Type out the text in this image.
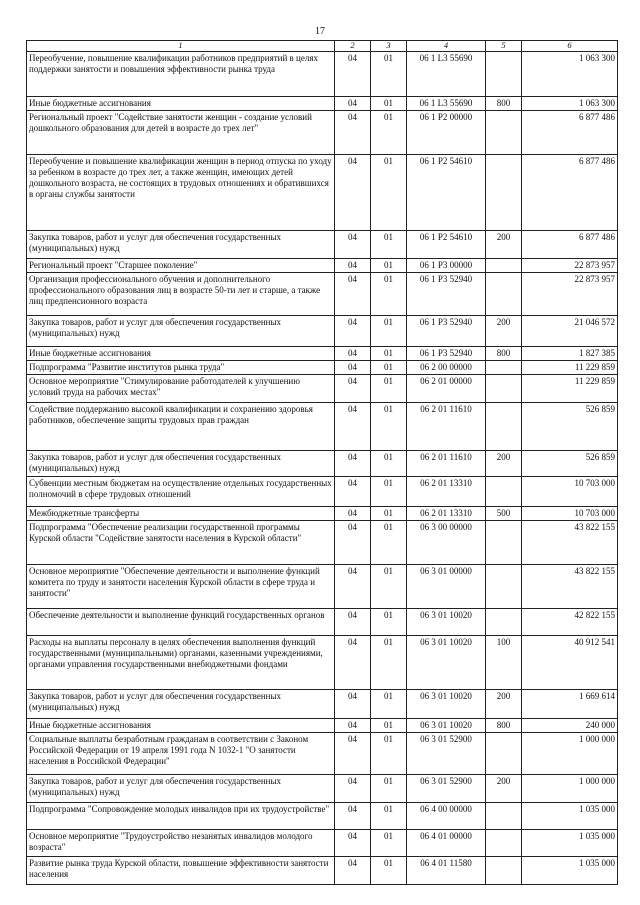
17
1	2	3	4	5	6
Переобучение, повышение квалификации работников предприятий в целях поддержки занятости и повышения эффективности рынка труда	04	01	06 1 L3 55690		1 063 300
Иные бюджетные ассигнования	04	01	06 1 L3 55690	800	1 063 300
Региональный проект "Содействие занятости женщин - создание условий дошкольного образования для детей в возрасте до трех лет"	04	01	06 1 P2 00000		6 877 486
Переобучение и повышение квалификации женщин в период отпуска по уходу за ребенком в возрасте до трех лет, а также женщин, имеющих детей дошкольного возраста, не состоящих в трудовых отношениях и обратившихся в органы службы занятости	04	01	06 1 P2 54610		6 877 486
Закупка товаров, работ и услуг для обеспечения государственных (муниципальных) нужд	04	01	06 1 P2 54610	200	6 877 486
Региональный проект "Старшее поколение"	04	01	06 1 P3 00000		22 873 957
Организация профессионального обучения и дополнительного профессионального образования лиц в возрасте 50-ти лет и старше, а также лиц предпенсионного возраста	04	01	06 1 P3 52940		22 873 957
Закупка товаров, работ и услуг для обеспечения государственных (муниципальных) нужд	04	01	06 1 P3 52940	200	21 046 572
Иные бюджетные ассигнования	04	01	06 1 P3 52940	800	1 827 385
Подпрограмма "Развитие институтов рынка труда"	04	01	06 2 00 00000		11 229 859
Основное мероприятие "Стимулирование работодателей к улучшению условий труда на рабочих местах"	04	01	06 2 01 00000		11 229 859
Содействие поддержанию высокой квалификации и сохранению здоровья работников, обеспечение защиты трудовых прав граждан	04	01	06 2 01 11610		526 859
Закупка товаров, работ и услуг для обеспечения государственных (муниципальных) нужд	04	01	06 2 01 11610	200	526 859
Субвенции местным бюджетам на осуществление отдельных государственных полномочий в сфере трудовых отношений	04	01	06 2 01 13310		10 703 000
Межбюджетные трансферты	04	01	06 2 01 13310	500	10 703 000
Подпрограмма "Обеспечение реализации государственной программы Курской области "Содействие занятости населения в Курской области"	04	01	06 3 00 00000		43 822 155
Основное мероприятие "Обеспечение деятельности и выполнение функций комитета по труду и занятости населения Курской области в сфере труда и занятости"	04	01	06 3 01 00000		43 822 155
Обеспечение деятельности и выполнение функций государственных органов	04	01	06 3 01 10020		42 822 155
Расходы на выплаты персоналу в целях обеспечения выполнения функций государственными (муниципальными) органами, казенными учреждениями, органами управления государственными внебюджетными фондами	04	01	06 3 01 10020	100	40 912 541
Закупка товаров, работ и услуг для обеспечения государственных (муниципальных) нужд	04	01	06 3 01 10020	200	1 669 614
Иные бюджетные ассигнования	04	01	06 3 01 10020	800	240 000
Социальные выплаты безработным гражданам в соответствии с Законом Российской Федерации от 19 апреля 1991 года N 1032-1 "О занятости населения в Российской Федерации"	04	01	06 3 01 52900		1 000 000
Закупка товаров, работ и услуг для обеспечения государственных (муниципальных) нужд	04	01	06 3 01 52900	200	1 000 000
Подпрограмма "Сопровождение молодых инвалидов при их трудоустройстве"	04	01	06 4 00 00000		1 035 000
Основное мероприятие "Трудоустройство незанятых инвалидов молодого возраста"	04	01	06 4 01 00000		1 035 000
Развитие рынка труда Курской области, повышение эффективности занятости населения	04	01	06 4 01 11580		1 035 000
